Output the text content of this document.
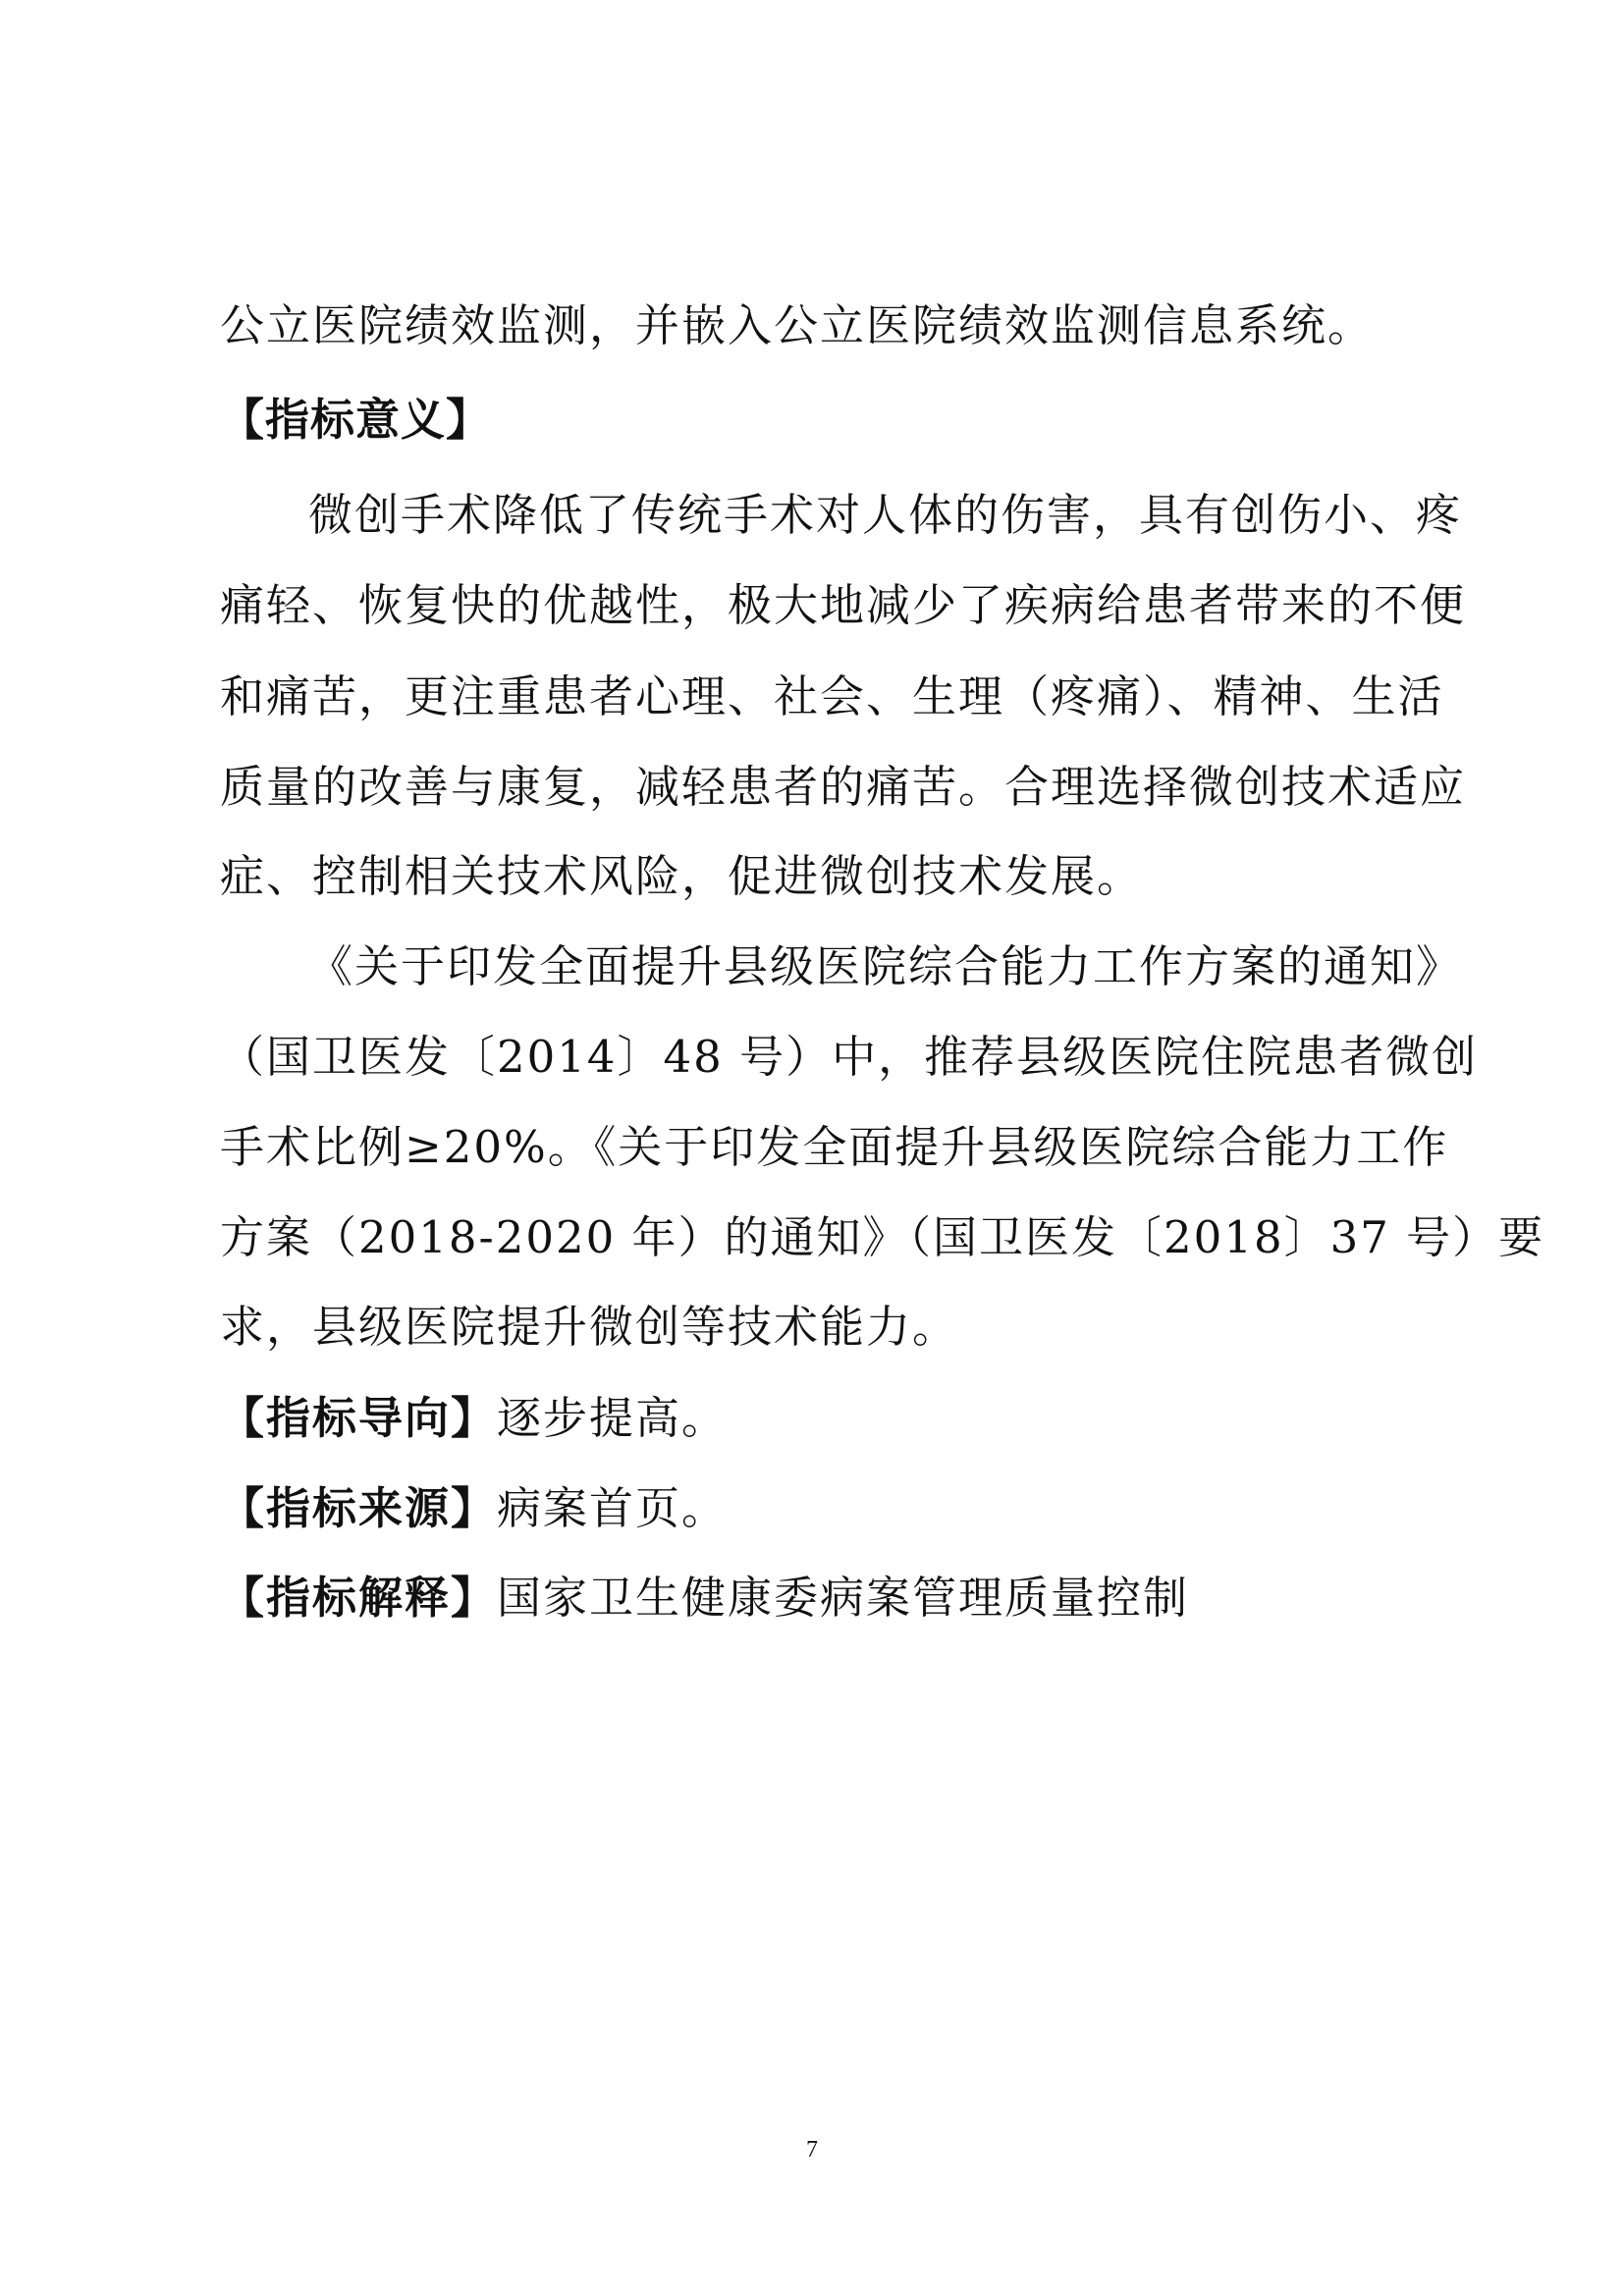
公立医院绩效监测，并嵌入公立医院绩效监测信息系统。
【指标意义】
微创手术降低了传统手术对人体的伤害，具有创伤小、疼
痛轻、恢复快的优越性，极大地减少了疾病给患者带来的不便
和痛苦，更注重患者心理、社会、生理（疼痛）、精神、生活
质量的改善与康复，减轻患者的痛苦。合理选择微创技术适应
症、控制相关技术风险，促进微创技术发展。
《关于印发全面提升县级医院综合能力工作方案的通知》
（国卫医发〔2014〕48 号）中，推荐县级医院住院患者微创
手术比例≥20%。《关于印发全面提升县级医院综合能力工作
方案（2018-2020 年）的通知》（国卫医发〔2018〕37 号）要
求，县级医院提升微创等技术能力。
【指标导向】逐步提高。
【指标来源】病案首页。
【指标解释】国家卫生健康委病案管理质量控制
7
